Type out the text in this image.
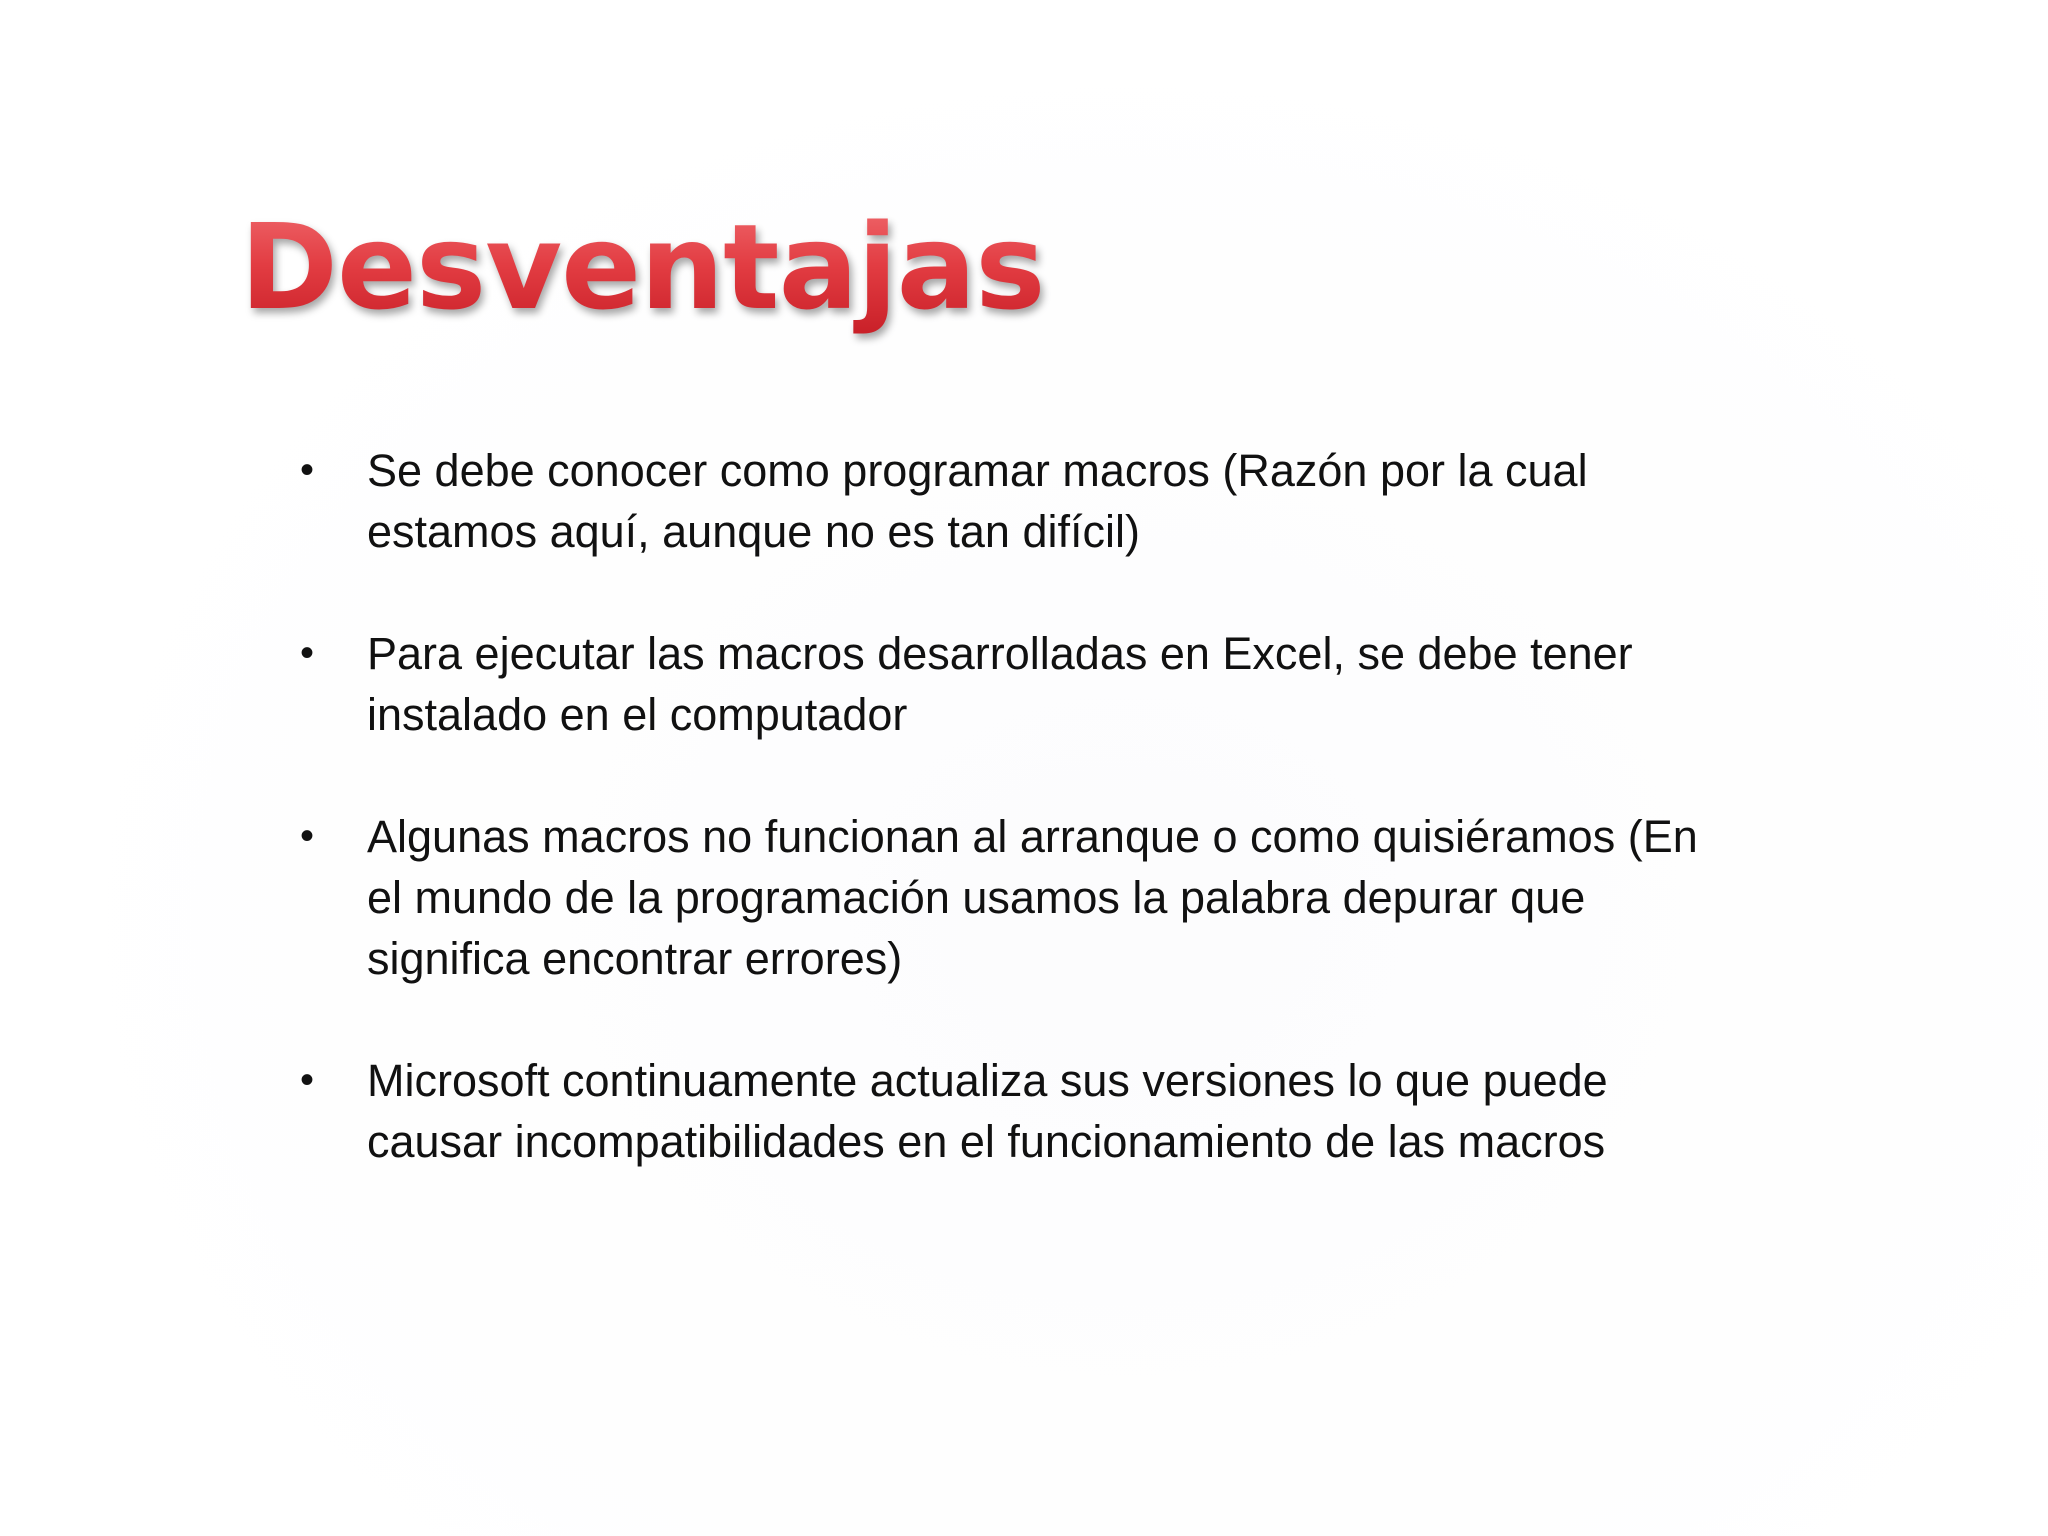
Desventajas
• Se debe conocer como programar macros (Razón por la cual estamos aquí, aunque no es tan difícil)
• Para ejecutar las macros desarrolladas en Excel, se debe tener instalado en el computador
• Algunas macros no funcionan al arranque o como quisiéramos (En el mundo de la programación usamos la palabra depurar que significa encontrar errores)
• Microsoft continuamente actualiza sus versiones lo que puede causar incompatibilidades en el funcionamiento de las macros
